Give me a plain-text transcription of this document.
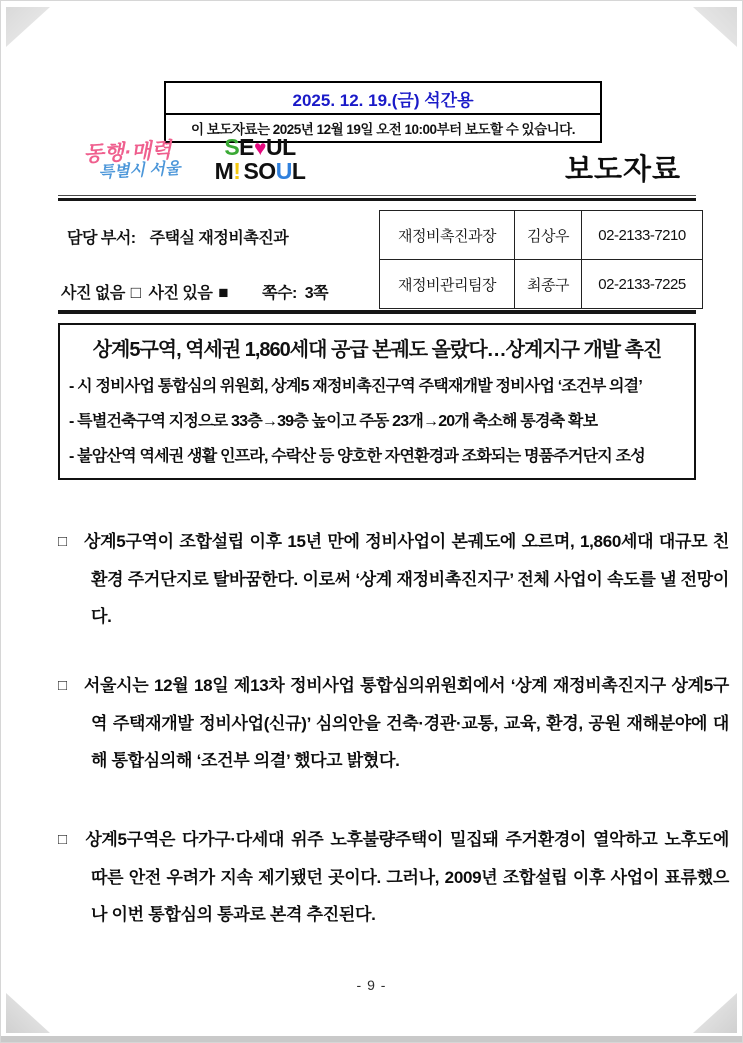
2025. 12. 19.(금) 석간용
이 보도자료는 2025년 12월 19일 오전 10:00부터 보도할 수 있습니다.
동행·매력
특별시 서울
SE♥UL
M! SOUL	보도자료
담당 부서: 주택실 재정비촉진과
사진 없음 □ 사진 있음 ■ 쪽수: 3쪽
재정비촉진과장	김상우	02-2133-7210
재정비관리팀장	최종구	02-2133-7225
상계5구역, 역세권 1,860세대 공급 본궤도 올랐다…상계지구 개발 촉진
- 시 정비사업 통합심의 위원회, 상계5 재정비촉진구역 주택재개발 정비사업 ‘조건부 의결’
- 특별건축구역 지정으로 33층→39층 높이고 주동 23개→20개 축소해 통경축 확보
- 불암산역 역세권 생활 인프라, 수락산 등 양호한 자연환경과 조화되는 명품주거단지 조성
□ 상계5구역이 조합설립 이후 15년 만에 정비사업이 본궤도에 오르며, 1,860세대 대규모 친환경 주거단지로 탈바꿈한다. 이로써 ‘상계 재정비촉진지구’ 전체 사업이 속도를 낼 전망이다.
□ 서울시는 12월 18일 제13차 정비사업 통합심의위원회에서 ‘상계 재정비촉진지구 상계5구역 주택재개발 정비사업(신규)’ 심의안을 건축·경관·교통, 교육, 환경, 공원 재해분야에 대해 통합심의해 ‘조건부 의결’ 했다고 밝혔다.
□ 상계5구역은 다가구·다세대 위주 노후불량주택이 밀집돼 주거환경이 열악하고 노후도에 따른 안전 우려가 지속 제기됐던 곳이다. 그러나, 2009년 조합설립 이후 사업이 표류했으나 이번 통합심의 통과로 본격 추진된다.
- 9 -
